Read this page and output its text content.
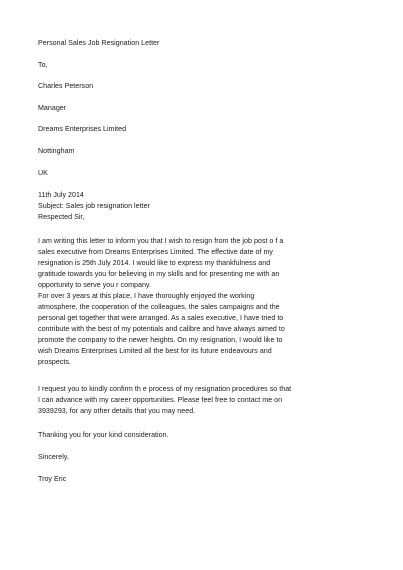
Personal Sales Job Resignation Letter
To,
Charles Peterson
Manager
Dreams Enterprises Limited
Nottingham
UK
11th July 2014
Subject: Sales job resignation letter
Respected Sir,
I am writing this letter to inform you that I wish to resign from the job post o f a
sales executive from Dreams Enterprises Limited. The effective date of my
resignation is 25th July 2014. I would like to express my thankfulness and
gratitude towards you for believing in my skills and for presenting me with an
opportunity to serve you r company.
For over 3 years at this place, I have thoroughly enjoyed the working
atmosphere, the cooperation of the colleagues, the sales campaigns and the
personal get together that were arranged. As a sales executive, I have tried to
contribute with the best of my potentials and calibre and have always aimed to
promote the company to the newer heights. On my resignation, I would like to
wish Dreams Enterprises Limited all the best for its future endeavours and
prospects.
I request you to kindly confirm th e process of my resignation procedures so that
I can advance with my career opportunities. Please feel free to contact me on
3939293, for any other details that you may need.
Thanking you for your kind consideration.
Sincerely,
Troy Eric
